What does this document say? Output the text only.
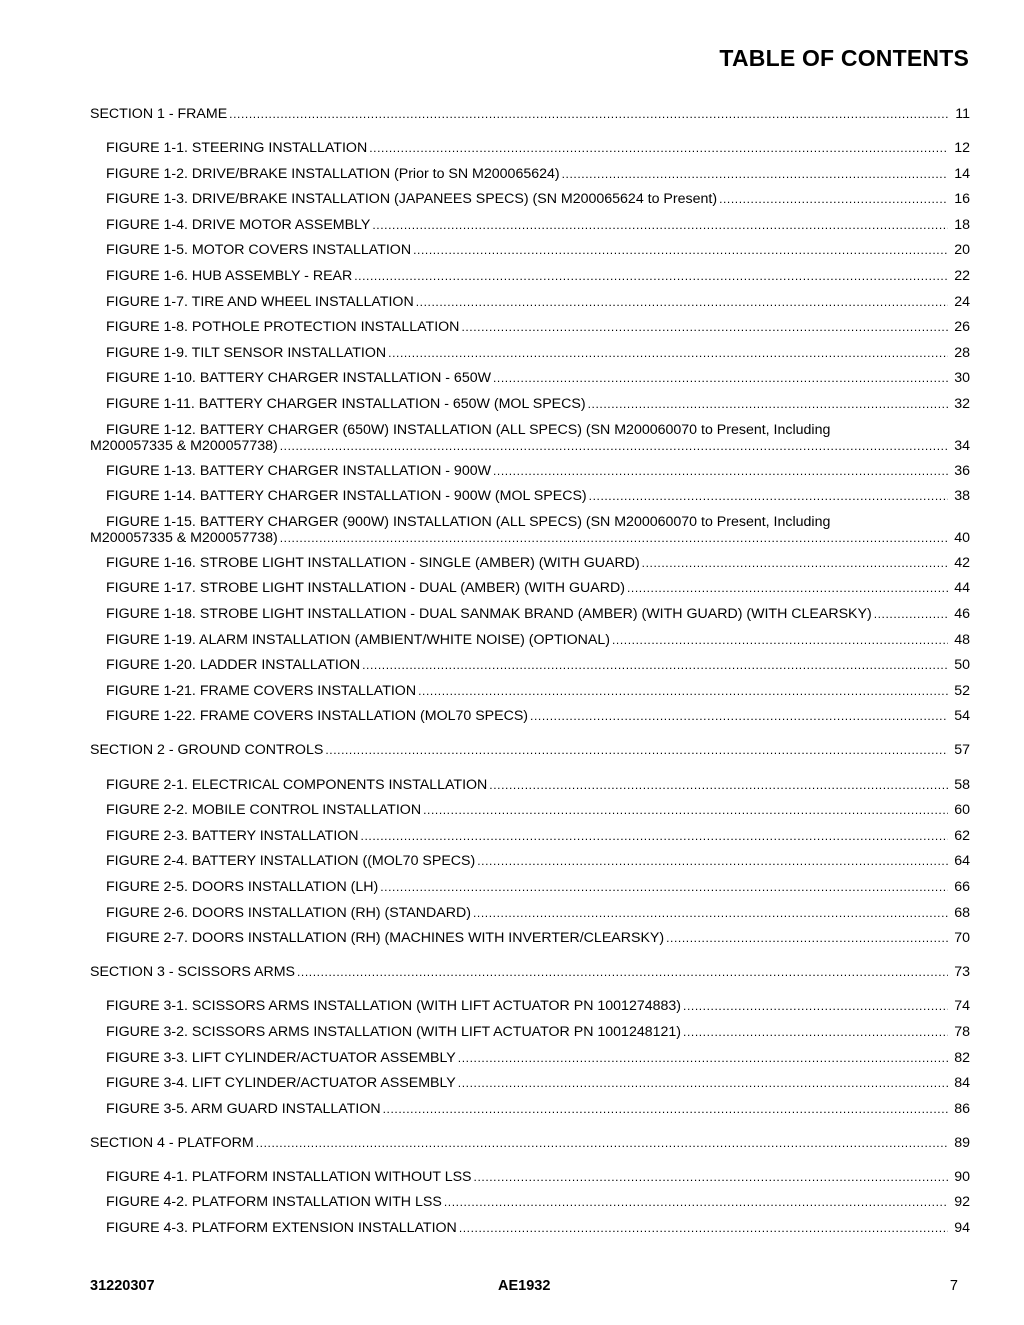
TABLE OF CONTENTS
SECTION 1 - FRAME .....	11
FIGURE 1-1. STEERING INSTALLATION .....	12
FIGURE 1-2. DRIVE/BRAKE INSTALLATION (Prior to SN M200065624) .....	14
FIGURE 1-3. DRIVE/BRAKE INSTALLATION (JAPANEES SPECS) (SN M200065624 to Present) .....	16
FIGURE 1-4. DRIVE MOTOR ASSEMBLY .....	18
FIGURE 1-5. MOTOR COVERS INSTALLATION .....	20
FIGURE 1-6. HUB ASSEMBLY - REAR .....	22
FIGURE 1-7. TIRE AND WHEEL INSTALLATION .....	24
FIGURE 1-8. POTHOLE PROTECTION INSTALLATION .....	26
FIGURE 1-9. TILT SENSOR INSTALLATION .....	28
FIGURE 1-10. BATTERY CHARGER INSTALLATION - 650W .....	30
FIGURE 1-11. BATTERY CHARGER INSTALLATION - 650W (MOL SPECS) .....	32
FIGURE 1-12. BATTERY CHARGER (650W) INSTALLATION (ALL SPECS) (SN M200060070 to Present, Including
M200057335 & M200057738) .....	34
FIGURE 1-13. BATTERY CHARGER INSTALLATION - 900W .....	36
FIGURE 1-14. BATTERY CHARGER INSTALLATION - 900W (MOL SPECS) .....	38
FIGURE 1-15. BATTERY CHARGER (900W) INSTALLATION (ALL SPECS) (SN M200060070 to Present, Including
M200057335 & M200057738) .....	40
FIGURE 1-16. STROBE LIGHT INSTALLATION - SINGLE (AMBER) (WITH GUARD) .....	42
FIGURE 1-17. STROBE LIGHT INSTALLATION - DUAL (AMBER) (WITH GUARD) .....	44
FIGURE 1-18. STROBE LIGHT INSTALLATION - DUAL SANMAK BRAND (AMBER) (WITH GUARD) (WITH CLEARSKY) .....	46
FIGURE 1-19. ALARM INSTALLATION (AMBIENT/WHITE NOISE) (OPTIONAL) .....	48
FIGURE 1-20. LADDER INSTALLATION .....	50
FIGURE 1-21. FRAME COVERS INSTALLATION .....	52
FIGURE 1-22. FRAME COVERS INSTALLATION (MOL70 SPECS) .....	54
SECTION 2 - GROUND CONTROLS .....	57
FIGURE 2-1. ELECTRICAL COMPONENTS INSTALLATION .....	58
FIGURE 2-2. MOBILE CONTROL INSTALLATION .....	60
FIGURE 2-3. BATTERY INSTALLATION .....	62
FIGURE 2-4. BATTERY INSTALLATION ((MOL70 SPECS) .....	64
FIGURE 2-5. DOORS INSTALLATION (LH) .....	66
FIGURE 2-6. DOORS INSTALLATION (RH) (STANDARD) .....	68
FIGURE 2-7. DOORS INSTALLATION (RH) (MACHINES WITH INVERTER/CLEARSKY) .....	70
SECTION 3 - SCISSORS ARMS .....	73
FIGURE 3-1. SCISSORS ARMS INSTALLATION (WITH LIFT ACTUATOR PN 1001274883) .....	74
FIGURE 3-2. SCISSORS ARMS INSTALLATION (WITH LIFT ACTUATOR PN 1001248121) .....	78
FIGURE 3-3. LIFT CYLINDER/ACTUATOR ASSEMBLY .....	82
FIGURE 3-4. LIFT CYLINDER/ACTUATOR ASSEMBLY .....	84
FIGURE 3-5. ARM GUARD INSTALLATION .....	86
SECTION 4 - PLATFORM .....	89
FIGURE 4-1. PLATFORM INSTALLATION WITHOUT LSS .....	90
FIGURE 4-2. PLATFORM INSTALLATION WITH LSS .....	92
FIGURE 4-3. PLATFORM EXTENSION INSTALLATION .....	94
31220307	AE1932	7
